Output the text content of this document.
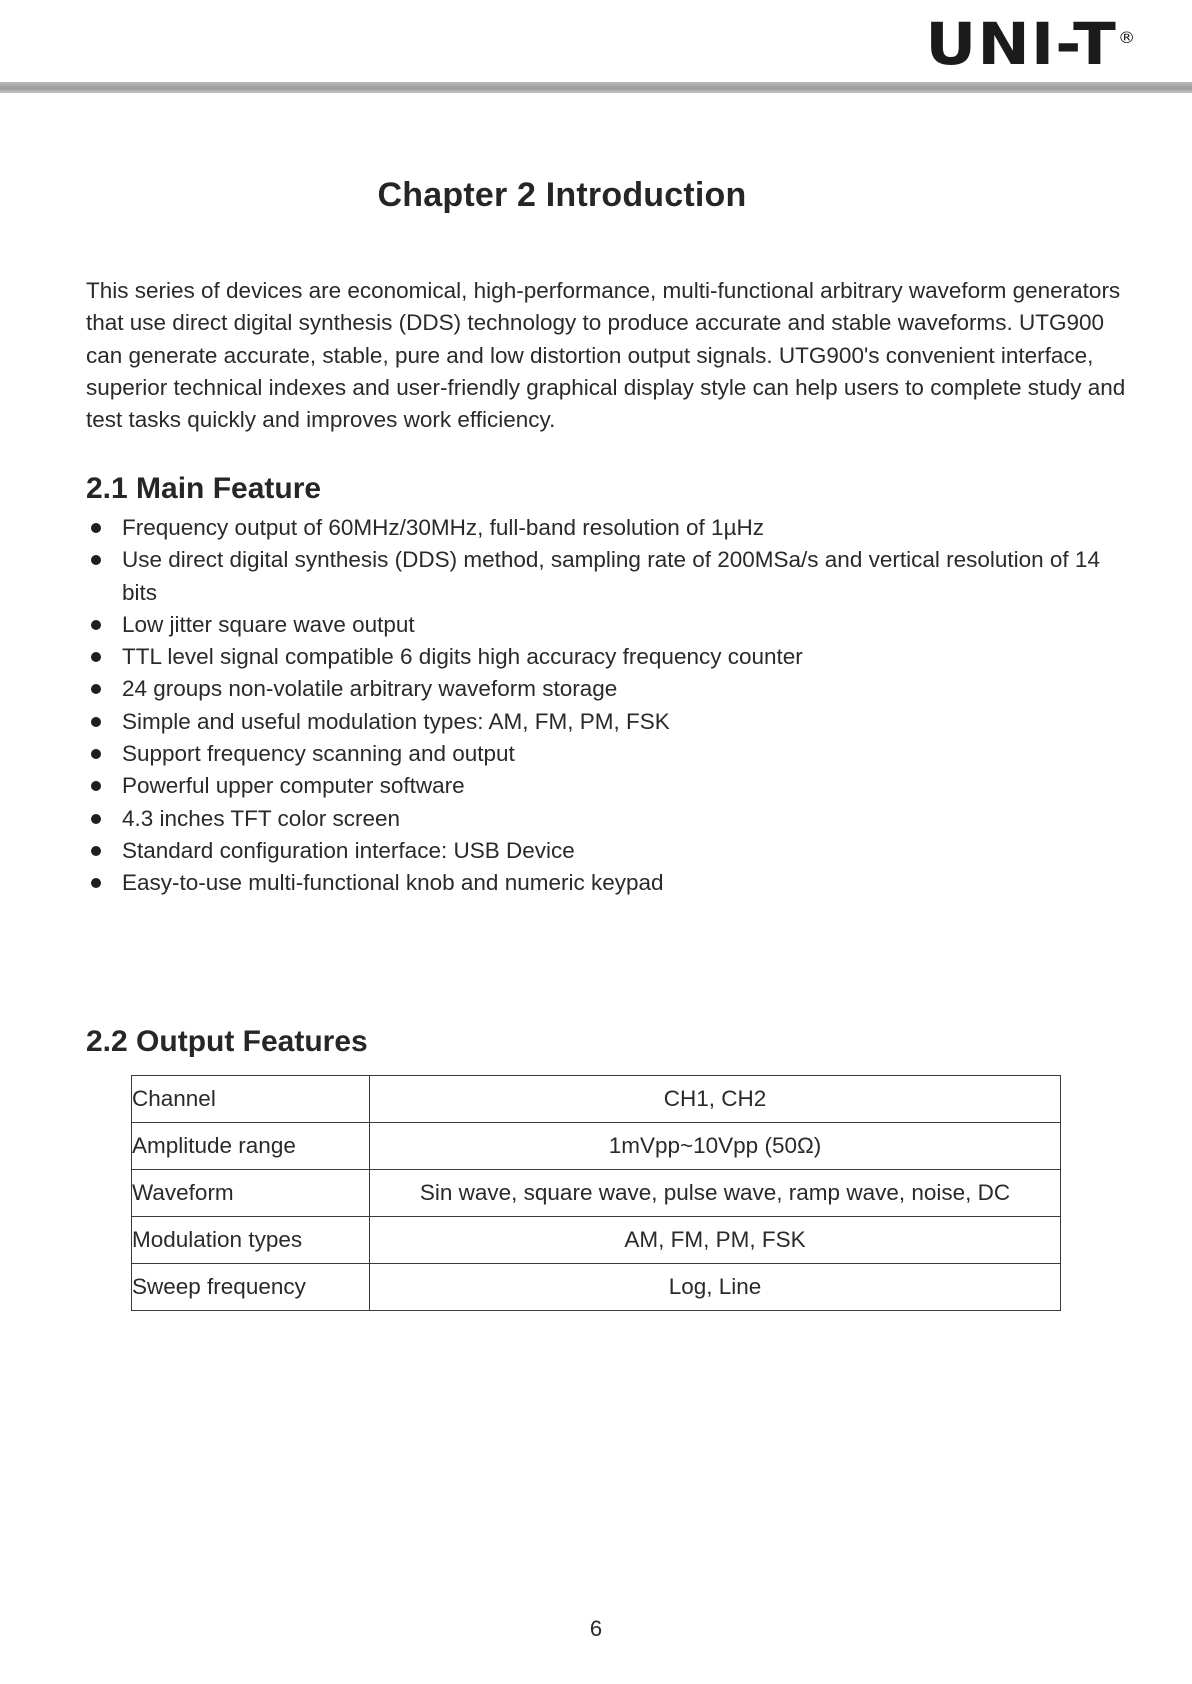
UNI-T®
Chapter 2 Introduction

This series of devices are economical, high-performance, multi-functional arbitrary waveform generators that use direct digital synthesis (DDS) technology to produce accurate and stable waveforms. UTG900 can generate accurate, stable, pure and low distortion output signals. UTG900's convenient interface, superior technical indexes and user-friendly graphical display style can help users to complete study and test tasks quickly and improves work efficiency.

2.1 Main Feature
Frequency output of 60MHz/30MHz, full-band resolution of 1µHz
Use direct digital synthesis (DDS) method, sampling rate of 200MSa/s and vertical resolution of 14 bits
Low jitter square wave output
TTL level signal compatible 6 digits high accuracy frequency counter
24 groups non-volatile arbitrary waveform storage
Simple and useful modulation types: AM, FM, PM, FSK
Support frequency scanning and output
Powerful upper computer software
4.3 inches TFT color screen
Standard configuration interface: USB Device
Easy-to-use multi-functional knob and numeric keypad
2.2 Output Features
Channel	CH1, CH2
Amplitude range	1mVpp~10Vpp (50Ω)
Waveform	Sin wave, square wave, pulse wave, ramp wave, noise, DC
Modulation types	AM, FM, PM, FSK
Sweep frequency	Log, Line
6
